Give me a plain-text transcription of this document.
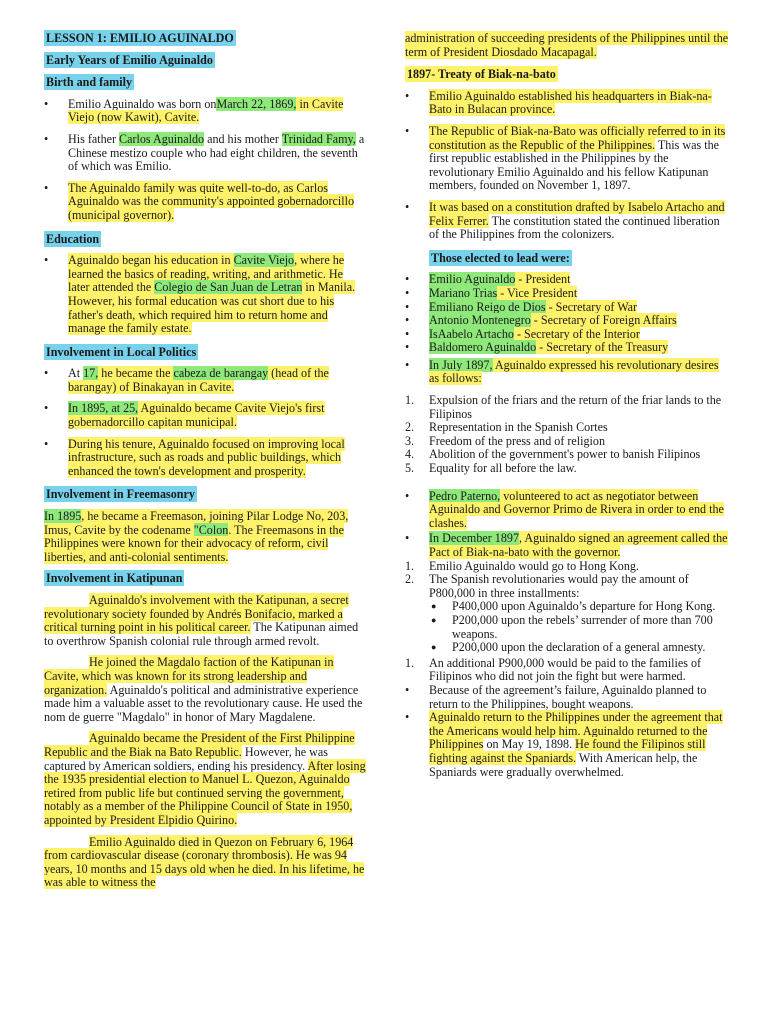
LESSON 1: EMILIO AGUINALDO
Early Years of Emilio Aguinaldo
Birth and family
• Emilio Aguinaldo was born onMarch 22, 1869, in Cavite Viejo (now Kawit), Cavite.
• His father Carlos Aguinaldo and his mother Trinidad Famy, a Chinese mestizo couple who had eight children, the seventh of which was Emilio.
• The Aguinaldo family was quite well-to-do, as Carlos Aguinaldo was the community's appointed gobernadorcillo (municipal governor).
Education
• Aguinaldo began his education in Cavite Viejo, where he learned the basics of reading, writing, and arithmetic. He later attended the Colegio de San Juan de Letran in Manila. However, his formal education was cut short due to his father's death, which required him to return home and manage the family estate.
Involvement in Local Politics
• At 17, he became the cabeza de barangay (head of the barangay) of Binakayan in Cavite.
• In 1895, at 25, Aguinaldo became Cavite Viejo's first gobernadorcillo capitan municipal.
• During his tenure, Aguinaldo focused on improving local infrastructure, such as roads and public buildings, which enhanced the town's development and prosperity.
Involvement in Freemasonry

In 1895, he became a Freemason, joining Pilar Lodge No, 203, Imus, Cavite by the codename "Colon. The Freemasons in the Philippines were known for their advocacy of reform, civil liberties, and anti-colonial sentiments.

Involvement in Katipunan

Aguinaldo's involvement with the Katipunan, a secret revolutionary society founded by Andrés Bonifacio, marked a critical turning point in his political career. The Katipunan aimed to overthrow Spanish colonial rule through armed revolt.

He joined the Magdalo faction of the Katipunan in Cavite, which was known for its strong leadership and organization. Aguinaldo's political and administrative experience made him a valuable asset to the revolutionary cause. He used the nom de guerre "Magdalo" in honor of Mary Magdalene.

Aguinaldo became the President of the First Philippine Republic and the Biak na Bato Republic. However, he was captured by American soldiers, ending his presidency. After losing the 1935 presidential election to Manuel L. Quezon, Aguinaldo retired from public life but continued serving the government, notably as a member of the Philippine Council of State in 1950, appointed by President Elpidio Quirino.

Emilio Aguinaldo died in Quezon on February 6, 1964 from cardiovascular disease (coronary thrombosis). He was 94 years, 10 months and 15 days old when he died. In his lifetime, he was able to witness the

administration of succeeding presidents of the Philippines until the term of President Diosdado Macapagal.
1897- Treaty of Biak-na-bato
• Emilio Aguinaldo established his headquarters in Biak-na-Bato in Bulacan province.
• The Republic of Biak-na-Bato was officially referred to in its constitution as the Republic of the Philippines. This was the first republic established in the Philippines by the revolutionary Emilio Aguinaldo and his fellow Katipunan members, founded on November 1, 1897.
• It was based on a constitution drafted by Isabelo Artacho and Felix Ferrer. The constitution stated the continued liberation of the Philippines from the colonizers.
Those elected to lead were:
• Emilio Aguinaldo - President
• Mariano Trias - Vice President
• Emiliano Reigo de Dios - Secretary of War
• Antonio Montenegro - Secretary of Foreign Affairs
• IsAabelo Artacho - Secretary of the Interior
• Baldomero Aguinaldo - Secretary of the Treasury
• In July 1897, Aguinaldo expressed his revolutionary desires as follows:
1. Expulsion of the friars and the return of the friar lands to the Filipinos
2. Representation in the Spanish Cortes
3. Freedom of the press and of religion
4. Abolition of the government's power to banish Filipinos
5. Equality for all before the law.
• Pedro Paterno, volunteered to act as negotiator between Aguinaldo and Governor Primo de Rivera in order to end the clashes.
• In December 1897, Aguinaldo signed an agreement called the Pact of Biak-na-bato with the governor.
1. Emilio Aguinaldo would go to Hong Kong.
2. The Spanish revolutionaries would pay the amount of P800,000 in three installments:
● P400,000 upon Aguinaldo’s departure for Hong Kong.
● P200,000 upon the rebels’ surrender of more than 700 weapons.
● P200,000 upon the declaration of a general amnesty.
1. An additional P900,000 would be paid to the families of Filipinos who did not join the fight but were harmed.
• Because of the agreement’s failure, Aguinaldo planned to return to the Philippines, bought weapons.
• Aguinaldo return to the Philippines under the agreement that the Americans would help him. Aguinaldo returned to the Philippines on May 19, 1898. He found the Filipinos still fighting against the Spaniards. With American help, the Spaniards were gradually overwhelmed.
